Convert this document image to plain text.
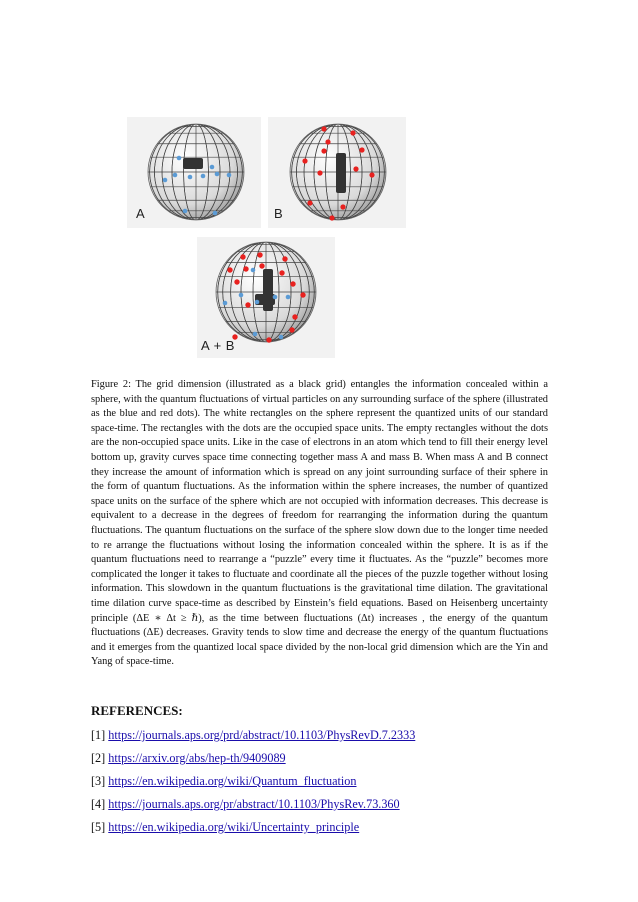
A	B
A + B
Figure 2: The grid dimension (illustrated as a black grid) entangles the information concealed within a sphere, with the quantum fluctuations of virtual particles on any surrounding surface of the sphere (illustrated as the blue and red dots). The white rectangles on the sphere represent the quantized units of our standard space-time. The rectangles with the dots are the occupied space units. The empty rectangles without the dots are the non-occupied space units. Like in the case of electrons in an atom which tend to fill their energy level bottom up, gravity curves space time connecting together mass A and mass B. When mass A and B connect they increase the amount of information which is spread on any joint surrounding surface of their sphere in the form of quantum fluctuations. As the information within the sphere increases, the number of quantized space units on the surface of the sphere which are not occupied with information decreases. This decrease is equivalent to a decrease in the degrees of freedom for rearranging the information during the quantum fluctuations. The quantum fluctuations on the surface of the sphere slow down due to the longer time needed to re arrange the fluctuations without losing the information concealed within the sphere. It is as if the quantum fluctuations need to rearrange a “puzzle” every time it fluctuates. As the “puzzle” becomes more complicated the longer it takes to fluctuate and coordinate all the pieces of the puzzle together without losing information. This slowdown in the quantum fluctuations is the gravitational time dilation. The gravitational time dilation curve space-time as described by Einstein’s field equations. Based on Heisenberg uncertainty principle (ΔE ∗ Δt ≥ ℏ), as the time between fluctuations (Δt) increases , the energy of the quantum fluctuations (ΔE) decreases. Gravity tends to slow time and decrease the energy of the quantum fluctuations and it emerges from the quantized local space divided by the non-local grid dimension which are the Yin and Yang of space-time.
REFERENCES:
[1] https://journals.aps.org/prd/abstract/10.1103/PhysRevD.7.2333
[2] https://arxiv.org/abs/hep-th/9409089
[3] https://en.wikipedia.org/wiki/Quantum_fluctuation
[4] https://journals.aps.org/pr/abstract/10.1103/PhysRev.73.360
[5] https://en.wikipedia.org/wiki/Uncertainty_principle
